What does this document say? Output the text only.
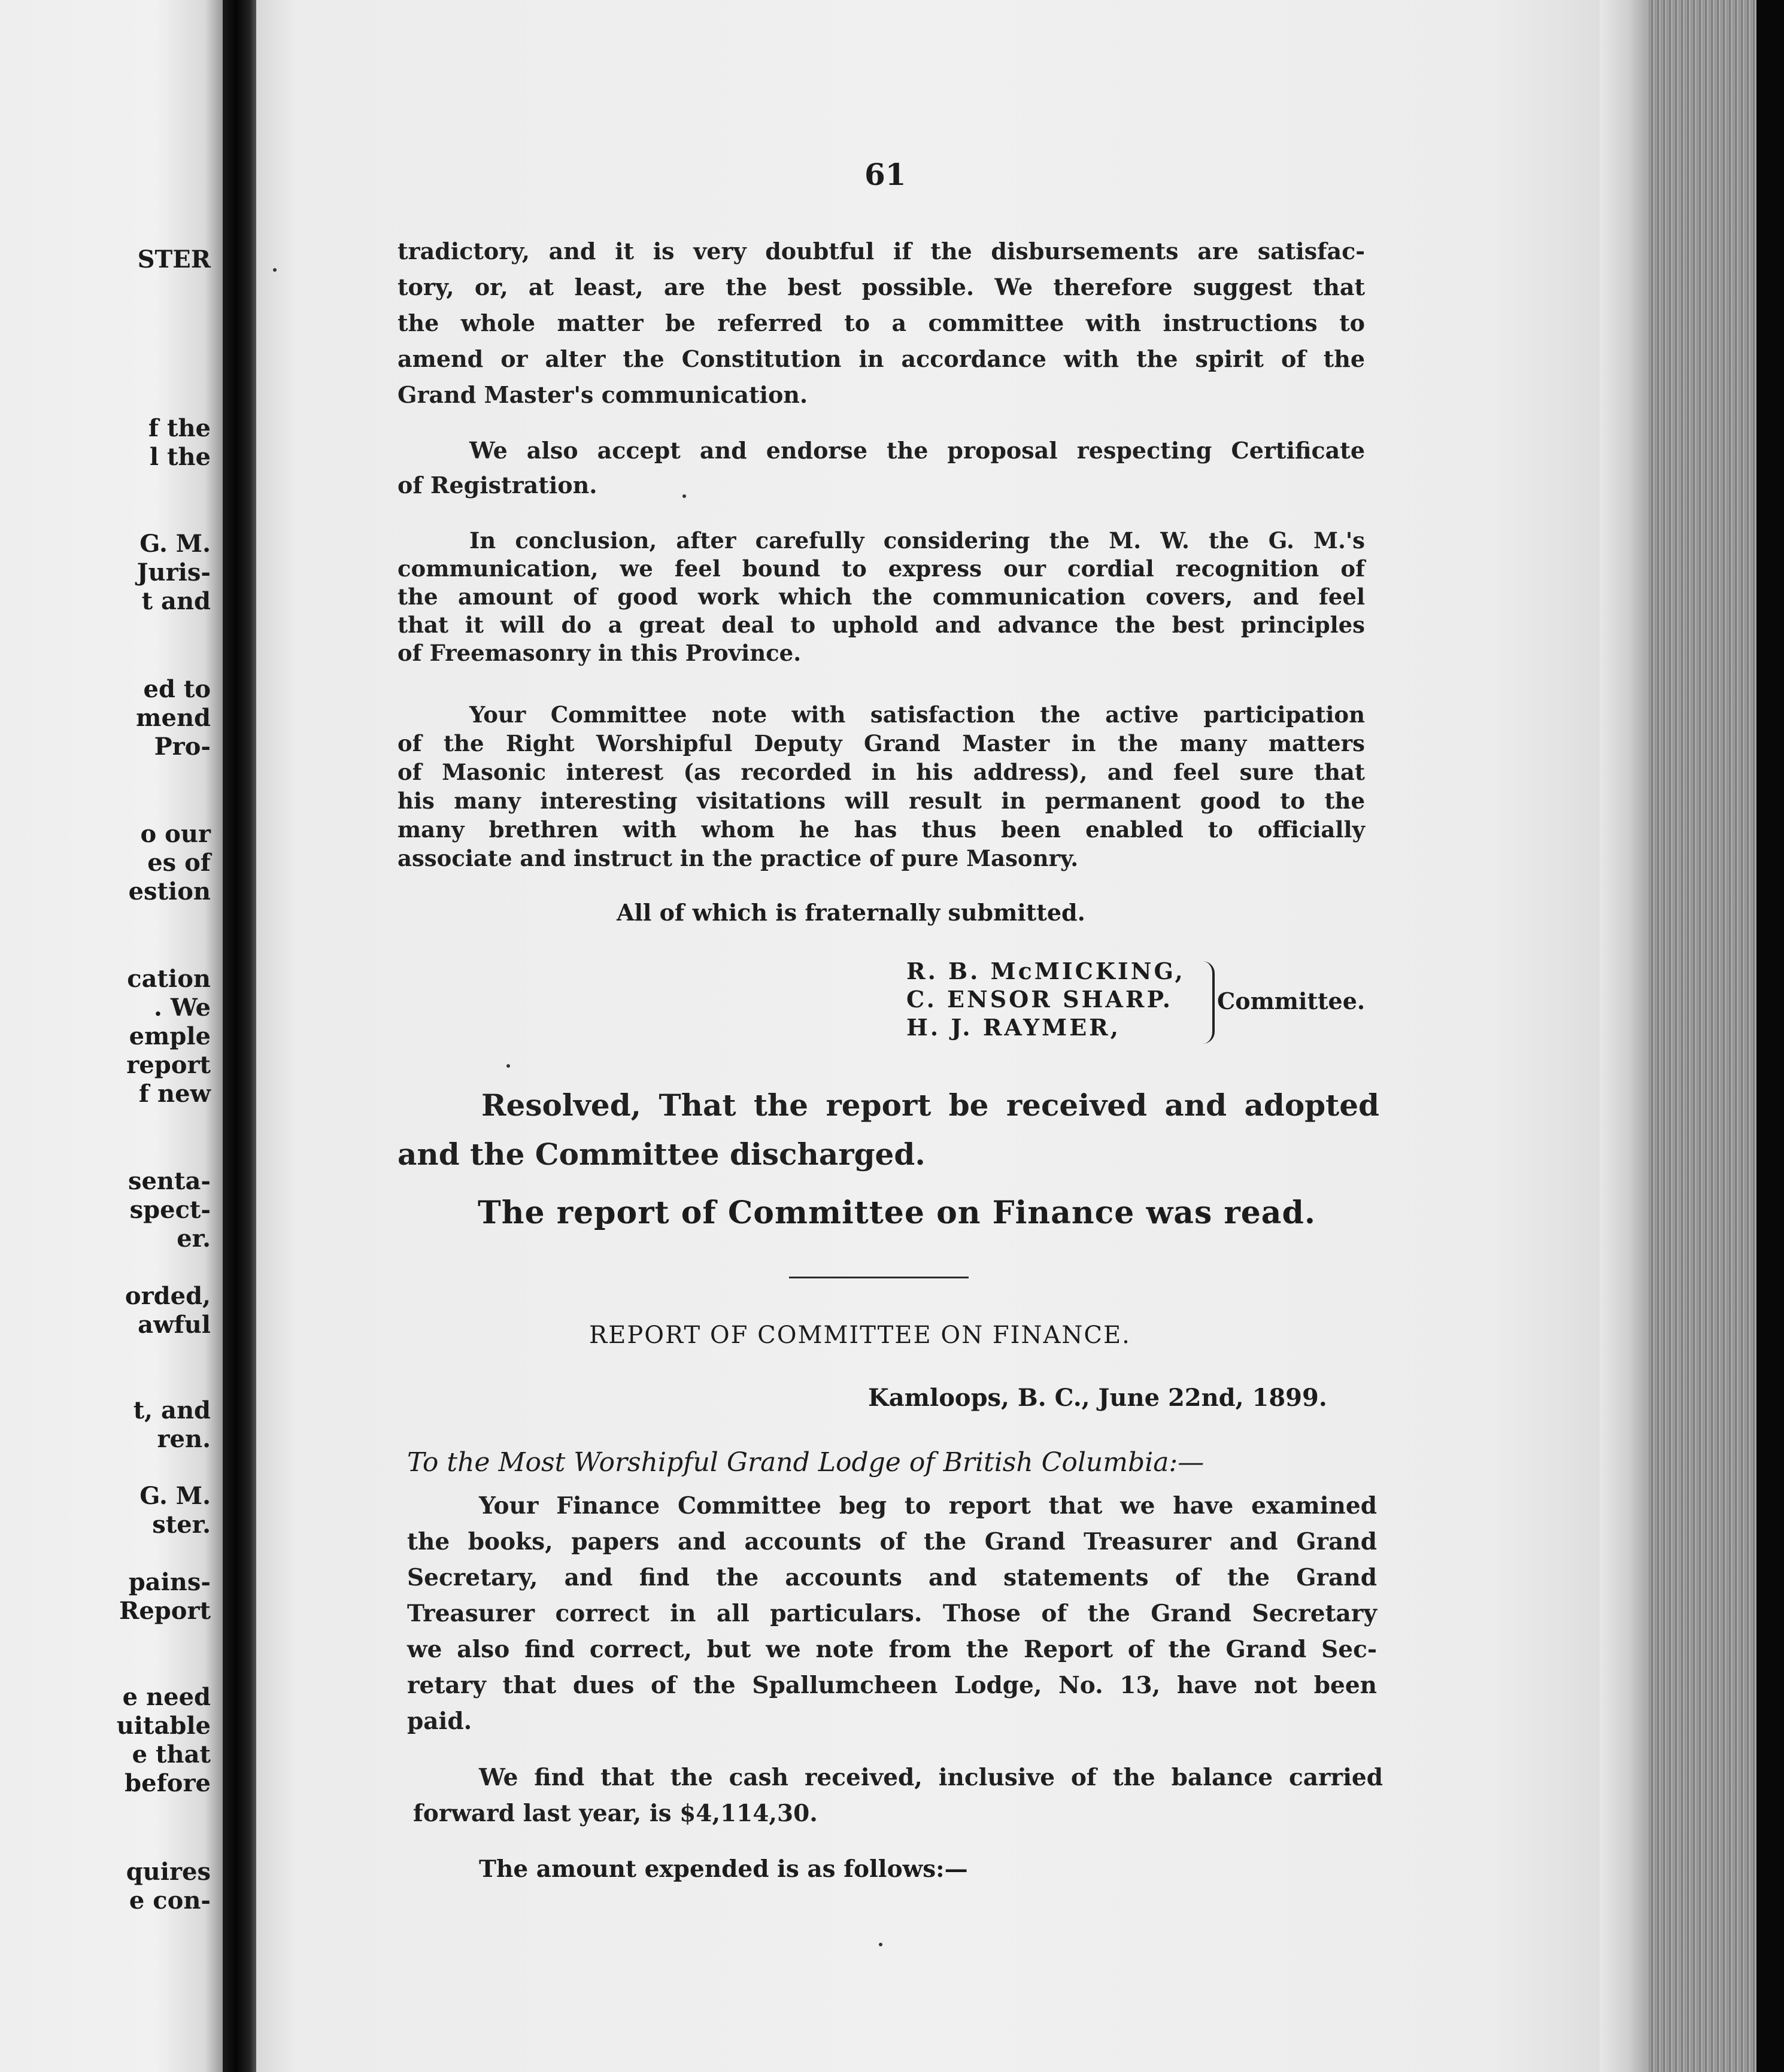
STER
f the
l the
G. M.
Juris-
t and
ed to
mend
Pro-
o our
es of
estion
cation
. We
emple
report
f new
senta-
spect-
er.
orded,
awful
t, and
ren.
G. M.
ster.
pains-
Report
e need
uitable
e that
before
quires
e con-
61
tradictory, and it is very doubtful if the disbursements are satisfac-
tory, or, at least, are the best possible. We therefore suggest that
the whole matter be referred to a committee with instructions to
amend or alter the Constitution in accordance with the spirit of the
Grand Master's communication.
We also accept and endorse the proposal respecting Certificate
of Registration.
In conclusion, after carefully considering the M. W. the G. M.'s
communication, we feel bound to express our cordial recognition of
the amount of good work which the communication covers, and feel
that it will do a great deal to uphold and advance the best principles
of Freemasonry in this Province.
Your Committee note with satisfaction the active participation
of the Right Worshipful Deputy Grand Master in the many matters
of Masonic interest (as recorded in his address), and feel sure that
his many interesting visitations will result in permanent good to the
many brethren with whom he has thus been enabled to officially
associate and instruct in the practice of pure Masonry.
All of which is fraternally submitted.
R. B. McMICKING,
C. ENSOR SHARP.
H. J. RAYMER,
Committee.
Resolved, That the report be received and adopted
and the Committee discharged.
The report of Committee on Finance was read.
REPORT OF COMMITTEE ON FINANCE.
Kamloops, B. C., June 22nd, 1899.
To the Most Worshipful Grand Lodge of British Columbia:—
Your Finance Committee beg to report that we have examined
the books, papers and accounts of the Grand Treasurer and Grand
Secretary, and find the accounts and statements of the Grand
Treasurer correct in all particulars. Those of the Grand Secretary
we also find correct, but we note from the Report of the Grand Sec-
retary that dues of the Spallumcheen Lodge, No. 13, have not been
paid.
We find that the cash received, inclusive of the balance carried
forward last year, is $4,114,30.
The amount expended is as follows:—
